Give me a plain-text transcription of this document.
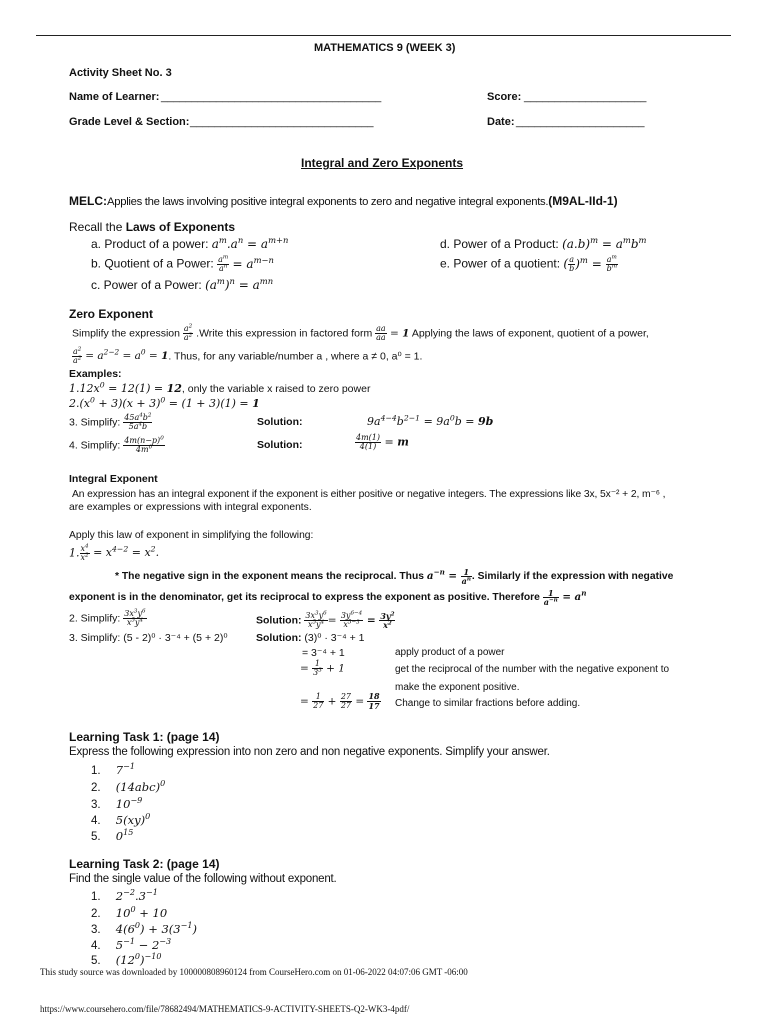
MATHEMATICS 9 (WEEK 3)
Activity Sheet No. 3
Name of Learner: ____________________________________	Score: ____________________
Grade Level & Section: ______________________________	Date: _____________________
Integral and Zero Exponents
MELC:Applies the laws involving positive integral exponents to zero and negative integral exponents.(M9AL-IId-1)
Recall the Laws of Exponents
a. Product of a power: $a^m.a^n = a^{m+n}$
b. Quotient of a Power: $\frac{a^m}{a^n} = a^{m-n}$
c. Power of a Power: $(a^m)^n = a^{mn}$
d. Power of a Product: $(a.b)^m = a^mb^m$
e. Power of a quotient: ( $\frac{a}{b} )^m = \frac{a^m}{b^m}$
Zero Exponent
Simplify the expression $\frac{a^2}{a^2}$ .Write this expression in factored form $\frac{aa}{aa} = 1$ Applying the laws of exponent, quotient of a power,
$\frac{a^2}{a^2} = a^{2-2} = a^0 = 1$. Thus, for any variable/number a , where a ≠ 0, a⁰ = 1.
Examples:
$1.12x^0 = 12(1) = 12$, only the variable x raised to zero power
$2.(x^0 + 3)(x + 3)^0 = (1 + 3)(1) = 1$
3. Simplify: $\frac{45a^4b^2}{5a^4b}$	Solution:	$9a^{4-4}b^{2-1} = 9a^0b = 9b$
4. Simplify: $\frac{4m(n-p)^0}{4m^0}$	Solution:	$\frac{4m(1)}{4(1)} = m$
Integral Exponent
An expression has an integral exponent if the exponent is either positive or negative integers. The expressions like 3x, 5x⁻² + 2, m⁻⁶ ,
are examples or expressions with integral exponents.
Apply this law of exponent in simplifying the following:
1. $\frac{x^4}{x^2} = x^{4-2} = x^2$.
* The negative sign in the exponent means the reciprocal. Thus $a^{-n} = \frac{1}{a^n}$ . Similarly if the expression with negative
exponent is in the denominator, get its reciprocal to express the exponent as positive. Therefore $\frac{1}{a^{-n}} = a^n$
2. Simplify: $\frac{3x^3y^6}{x^5y^4}$	Solution: $\frac{3x^3y^6}{x^5y^4} = \frac{3y^{6-4}}{x^{5-3}} = \frac{3y^2}{x^2}$
3. Simplify: (5 - 2)⁰ · 3⁻⁴ + (5 + 2)⁰	Solution: (3)⁰ · 3⁻⁴ + 1
= 3⁻⁴ + 1	apply product of a power
= $\frac{1}{3^3} + 1$	get the reciprocal of the number with the negative exponent to
make the exponent positive.
= $\frac{1}{27} + \frac{27}{27} = \frac{18}{17}$ Change to similar fractions before adding.
Learning Task 1: (page 14)
Express the following expression into non zero and non negative exponents. Simplify your answer.
1. $7^{-1}$
2. $(14abc)^0$
3. $10^{-9}$
4. 5(xy)$^0$
5. $0^{15}$
Learning Task 2: (page 14)
Find the single value of the following without exponent.
1. $2^{-2}.3^{-1}$
2. $10^0 + 10$
3. $4(6^0) + 3(3^{-1})$
4. $5^{-1} - 2^{-3}$
5. $(12^0)^{-10}$
This study source was downloaded by 100000808960124 from CourseHero.com on 01-06-2022 04:07:06 GMT -06:00
https://www.coursehero.com/file/78682494/MATHEMATICS-9-ACTIVITY-SHEETS-Q2-WK3-4pdf/
